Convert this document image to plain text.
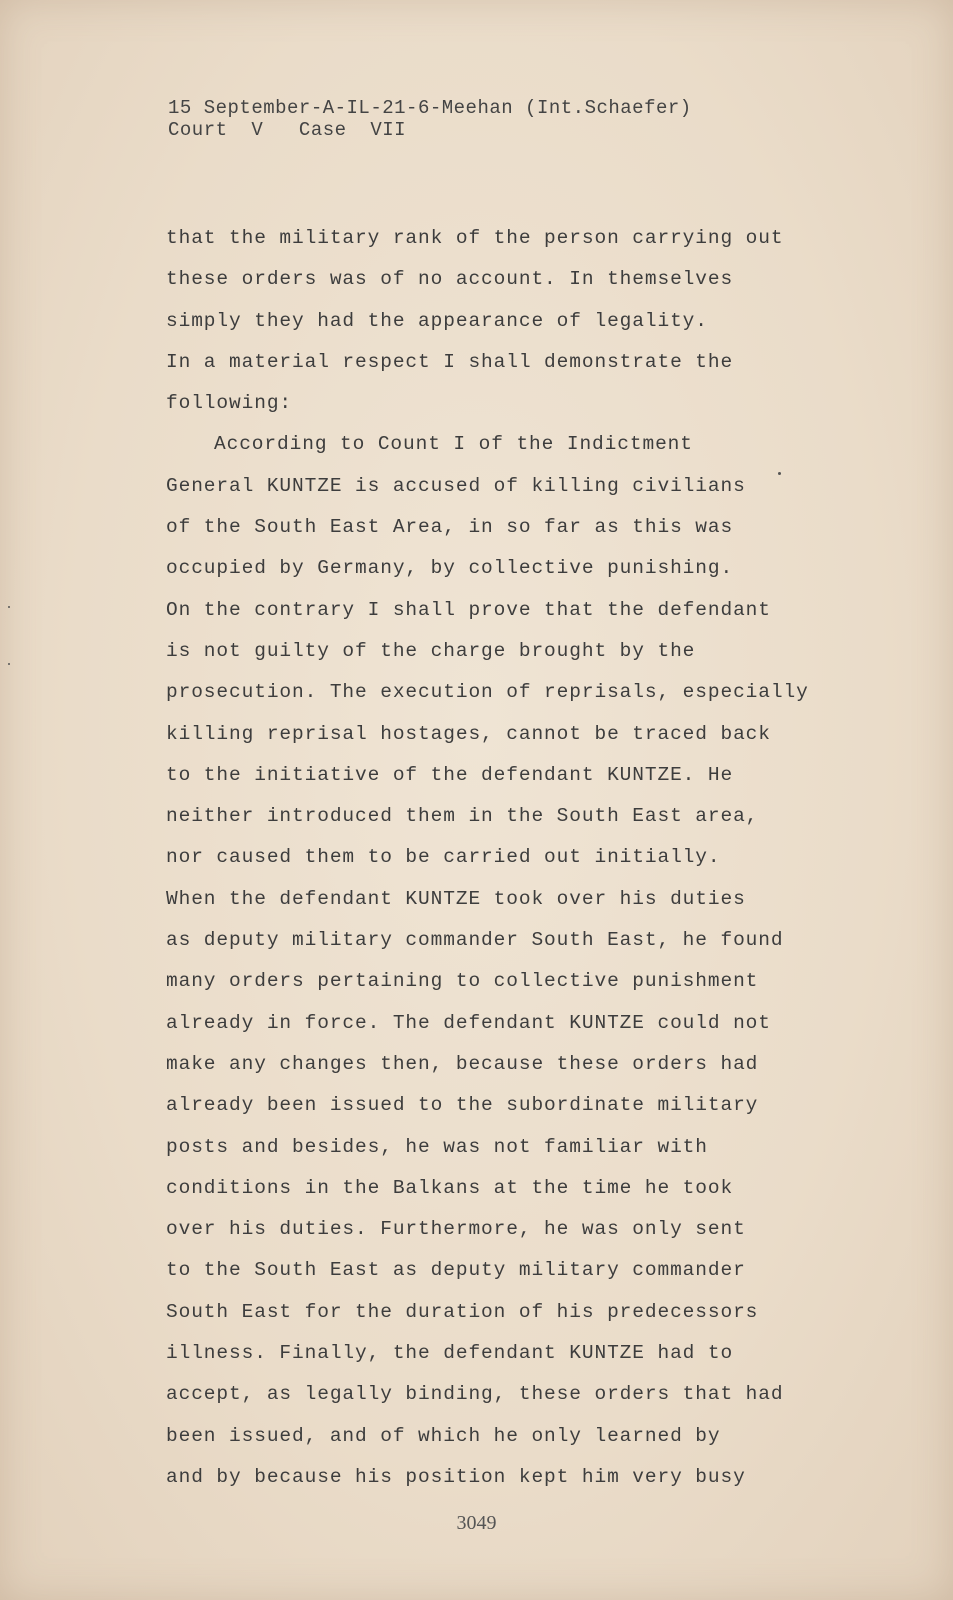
15 September-A-IL-21-6-Meehan (Int.Schaefer)
Court  V   Case  VII
that the military rank of the person carrying out
these orders was of no account. In themselves
simply they had the appearance of legality.
In a material respect I shall demonstrate the
following:
According to Count I of the Indictment
General KUNTZE is accused of killing civilians
of the South East Area, in so far as this was
occupied by Germany, by collective punishing.
On the contrary I shall prove that the defendant
is not guilty of the charge brought by the
prosecution. The execution of reprisals, especially
killing reprisal hostages, cannot be traced back
to the initiative of the defendant KUNTZE. He
neither introduced them in the South East area,
nor caused them to be carried out initially.
When the defendant KUNTZE took over his duties
as deputy military commander South East, he found
many orders pertaining to collective punishment
already in force. The defendant KUNTZE could not
make any changes then, because these orders had
already been issued to the subordinate military
posts and besides, he was not familiar with
conditions in the Balkans at the time he took
over his duties. Furthermore, he was only sent
to the South East as deputy military commander
South East for the duration of his predecessors
illness. Finally, the defendant KUNTZE had to
accept, as legally binding, these orders that had
been issued, and of which he only learned by
and by because his position kept him very busy
3049
